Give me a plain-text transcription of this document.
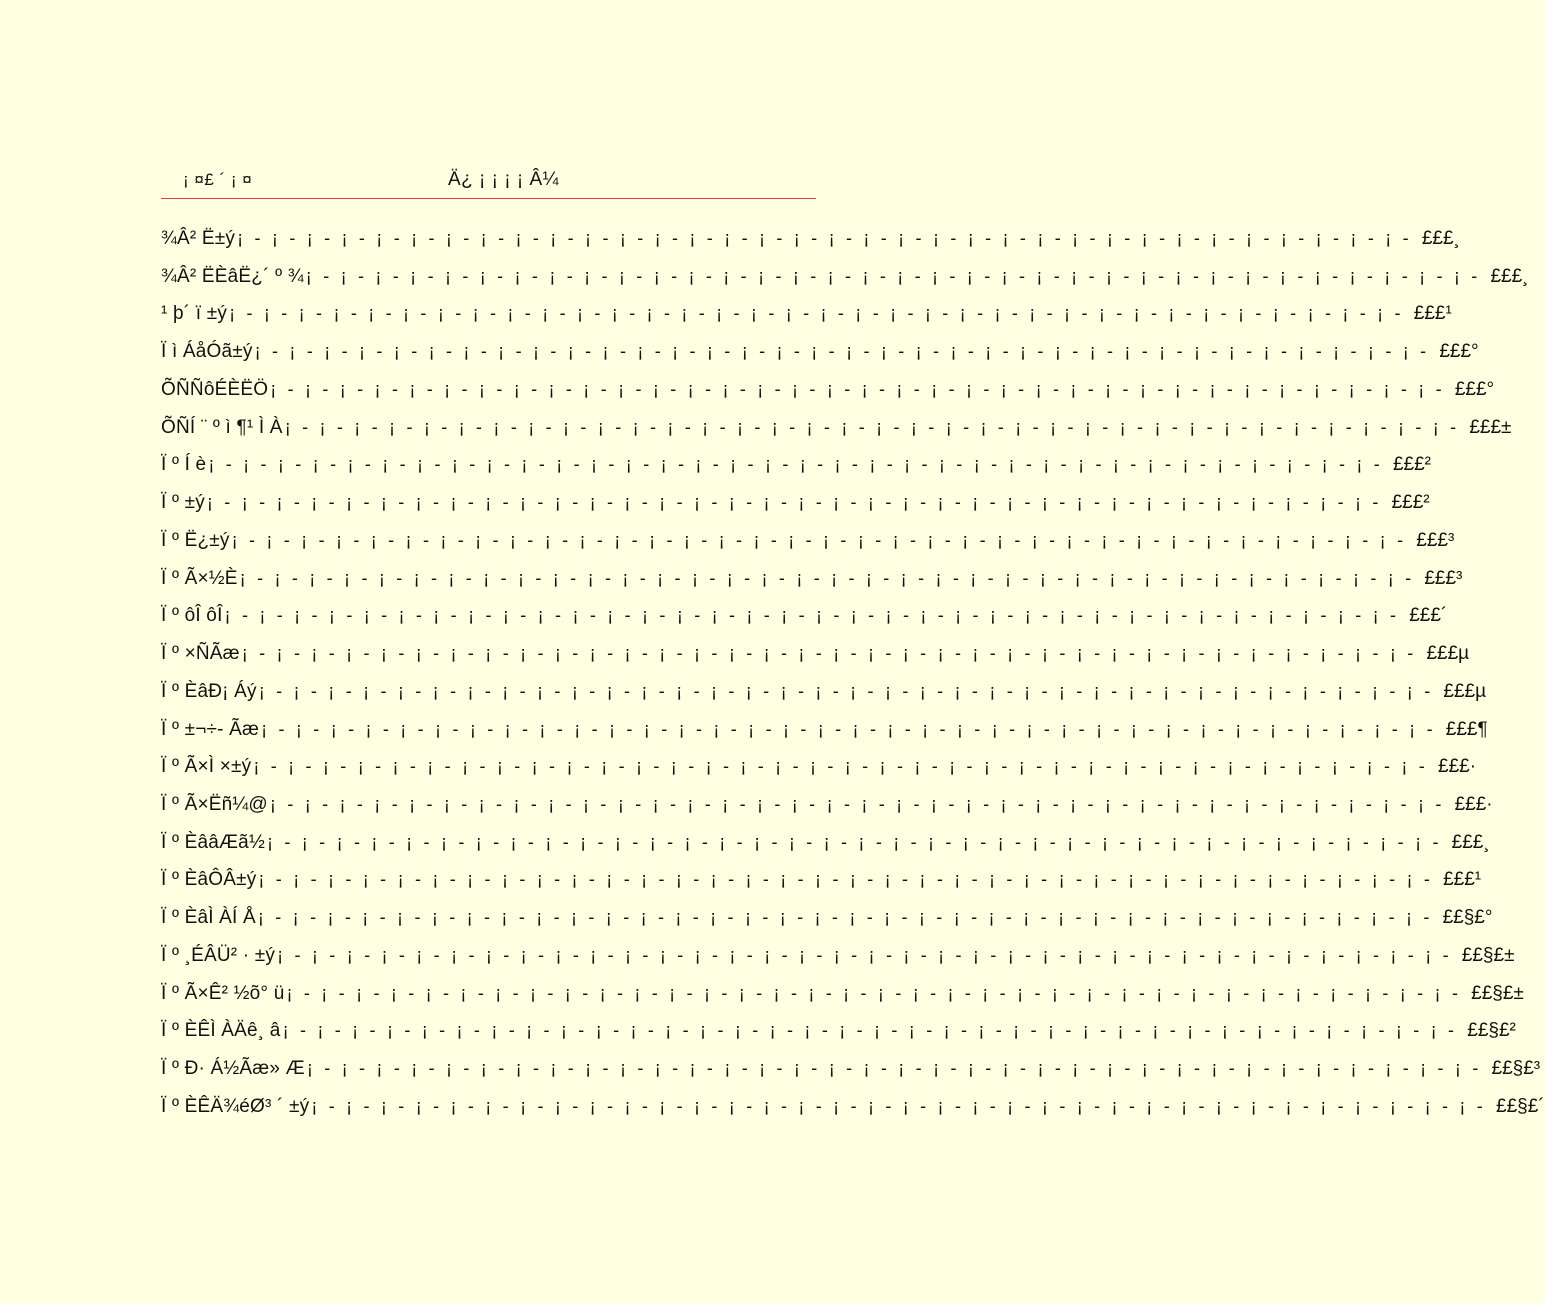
¡ ¤£ ´ ¡ ¤	Ä¿ ¡ ¡ ¡ ¡ Â¼
¾Â² Ë±ý ¡ - ¡ - ¡ - ¡ - ¡ - ¡ - ¡ - ¡ - ¡ - ¡ - ¡ - ¡ - ¡ - ¡ - ¡ - ¡ - ¡ - ¡ - ¡ - ¡ - ¡ - ¡ - ¡ - ¡ - ¡ - ¡ - ¡ - ¡ - ¡ - ¡ - ¡ - ¡ - ¡ - ¡ - £££¸
¾Â² ËÈâË¿´ º ¾ ¡ - ¡ - ¡ - ¡ - ¡ - ¡ - ¡ - ¡ - ¡ - ¡ - ¡ - ¡ - ¡ - ¡ - ¡ - ¡ - ¡ - ¡ - ¡ - ¡ - ¡ - ¡ - ¡ - ¡ - ¡ - ¡ - ¡ - ¡ - ¡ - ¡ - ¡ - ¡ - ¡ - ¡ - £££¸
¹ þ´ ï ±ý ¡ - ¡ - ¡ - ¡ - ¡ - ¡ - ¡ - ¡ - ¡ - ¡ - ¡ - ¡ - ¡ - ¡ - ¡ - ¡ - ¡ - ¡ - ¡ - ¡ - ¡ - ¡ - ¡ - ¡ - ¡ - ¡ - ¡ - ¡ - ¡ - ¡ - ¡ - ¡ - ¡ - ¡ - £££¹
Ï ì ÁåÓã±ý ¡ - ¡ - ¡ - ¡ - ¡ - ¡ - ¡ - ¡ - ¡ - ¡ - ¡ - ¡ - ¡ - ¡ - ¡ - ¡ - ¡ - ¡ - ¡ - ¡ - ¡ - ¡ - ¡ - ¡ - ¡ - ¡ - ¡ - ¡ - ¡ - ¡ - ¡ - ¡ - ¡ - ¡ - £££°
ÕÑÑôÉÈËÖ ¡ - ¡ - ¡ - ¡ - ¡ - ¡ - ¡ - ¡ - ¡ - ¡ - ¡ - ¡ - ¡ - ¡ - ¡ - ¡ - ¡ - ¡ - ¡ - ¡ - ¡ - ¡ - ¡ - ¡ - ¡ - ¡ - ¡ - ¡ - ¡ - ¡ - ¡ - ¡ - ¡ - ¡ - £££°
ÕÑÍ ¨ º ì ¶¹ Ì À ¡ - ¡ - ¡ - ¡ - ¡ - ¡ - ¡ - ¡ - ¡ - ¡ - ¡ - ¡ - ¡ - ¡ - ¡ - ¡ - ¡ - ¡ - ¡ - ¡ - ¡ - ¡ - ¡ - ¡ - ¡ - ¡ - ¡ - ¡ - ¡ - ¡ - ¡ - ¡ - ¡ - ¡ - £££±
Ï º Í è ¡ - ¡ - ¡ - ¡ - ¡ - ¡ - ¡ - ¡ - ¡ - ¡ - ¡ - ¡ - ¡ - ¡ - ¡ - ¡ - ¡ - ¡ - ¡ - ¡ - ¡ - ¡ - ¡ - ¡ - ¡ - ¡ - ¡ - ¡ - ¡ - ¡ - ¡ - ¡ - ¡ - ¡ - £££²
Ï º ±ý ¡ - ¡ - ¡ - ¡ - ¡ - ¡ - ¡ - ¡ - ¡ - ¡ - ¡ - ¡ - ¡ - ¡ - ¡ - ¡ - ¡ - ¡ - ¡ - ¡ - ¡ - ¡ - ¡ - ¡ - ¡ - ¡ - ¡ - ¡ - ¡ - ¡ - ¡ - ¡ - ¡ - ¡ - £££²
Ï º Ë¿±ý ¡ - ¡ - ¡ - ¡ - ¡ - ¡ - ¡ - ¡ - ¡ - ¡ - ¡ - ¡ - ¡ - ¡ - ¡ - ¡ - ¡ - ¡ - ¡ - ¡ - ¡ - ¡ - ¡ - ¡ - ¡ - ¡ - ¡ - ¡ - ¡ - ¡ - ¡ - ¡ - ¡ - ¡ - £££³
Ï º Ã×½È ¡ - ¡ - ¡ - ¡ - ¡ - ¡ - ¡ - ¡ - ¡ - ¡ - ¡ - ¡ - ¡ - ¡ - ¡ - ¡ - ¡ - ¡ - ¡ - ¡ - ¡ - ¡ - ¡ - ¡ - ¡ - ¡ - ¡ - ¡ - ¡ - ¡ - ¡ - ¡ - ¡ - ¡ - £££³
Ï º ôÎ ôÎ ¡ - ¡ - ¡ - ¡ - ¡ - ¡ - ¡ - ¡ - ¡ - ¡ - ¡ - ¡ - ¡ - ¡ - ¡ - ¡ - ¡ - ¡ - ¡ - ¡ - ¡ - ¡ - ¡ - ¡ - ¡ - ¡ - ¡ - ¡ - ¡ - ¡ - ¡ - ¡ - ¡ - ¡ - £££´
Ï º ×ÑÃæ ¡ - ¡ - ¡ - ¡ - ¡ - ¡ - ¡ - ¡ - ¡ - ¡ - ¡ - ¡ - ¡ - ¡ - ¡ - ¡ - ¡ - ¡ - ¡ - ¡ - ¡ - ¡ - ¡ - ¡ - ¡ - ¡ - ¡ - ¡ - ¡ - ¡ - ¡ - ¡ - ¡ - ¡ - £££µ
Ï º ÈâÐ¡ Áý ¡ - ¡ - ¡ - ¡ - ¡ - ¡ - ¡ - ¡ - ¡ - ¡ - ¡ - ¡ - ¡ - ¡ - ¡ - ¡ - ¡ - ¡ - ¡ - ¡ - ¡ - ¡ - ¡ - ¡ - ¡ - ¡ - ¡ - ¡ - ¡ - ¡ - ¡ - ¡ - ¡ - ¡ - £££µ
Ï º ±¬÷- Ãæ ¡ - ¡ - ¡ - ¡ - ¡ - ¡ - ¡ - ¡ - ¡ - ¡ - ¡ - ¡ - ¡ - ¡ - ¡ - ¡ - ¡ - ¡ - ¡ - ¡ - ¡ - ¡ - ¡ - ¡ - ¡ - ¡ - ¡ - ¡ - ¡ - ¡ - ¡ - ¡ - ¡ - ¡ - £££¶
Ï º Ã×Ì ×±ý ¡ - ¡ - ¡ - ¡ - ¡ - ¡ - ¡ - ¡ - ¡ - ¡ - ¡ - ¡ - ¡ - ¡ - ¡ - ¡ - ¡ - ¡ - ¡ - ¡ - ¡ - ¡ - ¡ - ¡ - ¡ - ¡ - ¡ - ¡ - ¡ - ¡ - ¡ - ¡ - ¡ - ¡ - £££·
Ï º Ã×Ëñ¼@ ¡ - ¡ - ¡ - ¡ - ¡ - ¡ - ¡ - ¡ - ¡ - ¡ - ¡ - ¡ - ¡ - ¡ - ¡ - ¡ - ¡ - ¡ - ¡ - ¡ - ¡ - ¡ - ¡ - ¡ - ¡ - ¡ - ¡ - ¡ - ¡ - ¡ - ¡ - ¡ - ¡ - ¡ - £££·
Ï º ÈââÆã½ ¡ - ¡ - ¡ - ¡ - ¡ - ¡ - ¡ - ¡ - ¡ - ¡ - ¡ - ¡ - ¡ - ¡ - ¡ - ¡ - ¡ - ¡ - ¡ - ¡ - ¡ - ¡ - ¡ - ¡ - ¡ - ¡ - ¡ - ¡ - ¡ - ¡ - ¡ - ¡ - ¡ - ¡ - £££¸
Ï º ÈâÔÂ±ý ¡ - ¡ - ¡ - ¡ - ¡ - ¡ - ¡ - ¡ - ¡ - ¡ - ¡ - ¡ - ¡ - ¡ - ¡ - ¡ - ¡ - ¡ - ¡ - ¡ - ¡ - ¡ - ¡ - ¡ - ¡ - ¡ - ¡ - ¡ - ¡ - ¡ - ¡ - ¡ - ¡ - ¡ - £££¹
Ï º ÈâÌ ÀÍ Å ¡ - ¡ - ¡ - ¡ - ¡ - ¡ - ¡ - ¡ - ¡ - ¡ - ¡ - ¡ - ¡ - ¡ - ¡ - ¡ - ¡ - ¡ - ¡ - ¡ - ¡ - ¡ - ¡ - ¡ - ¡ - ¡ - ¡ - ¡ - ¡ - ¡ - ¡ - ¡ - ¡ - ¡ - ££§£°
Ï º ¸ÉÂÜ² · ±ý ¡ - ¡ - ¡ - ¡ - ¡ - ¡ - ¡ - ¡ - ¡ - ¡ - ¡ - ¡ - ¡ - ¡ - ¡ - ¡ - ¡ - ¡ - ¡ - ¡ - ¡ - ¡ - ¡ - ¡ - ¡ - ¡ - ¡ - ¡ - ¡ - ¡ - ¡ - ¡ - ¡ - ¡ - ££§£±
Ï º Ã×Ê² ½õ° ü ¡ - ¡ - ¡ - ¡ - ¡ - ¡ - ¡ - ¡ - ¡ - ¡ - ¡ - ¡ - ¡ - ¡ - ¡ - ¡ - ¡ - ¡ - ¡ - ¡ - ¡ - ¡ - ¡ - ¡ - ¡ - ¡ - ¡ - ¡ - ¡ - ¡ - ¡ - ¡ - ¡ - ¡ - ££§£±
Ï º ÈÊÌ ÀÄê¸ â ¡ - ¡ - ¡ - ¡ - ¡ - ¡ - ¡ - ¡ - ¡ - ¡ - ¡ - ¡ - ¡ - ¡ - ¡ - ¡ - ¡ - ¡ - ¡ - ¡ - ¡ - ¡ - ¡ - ¡ - ¡ - ¡ - ¡ - ¡ - ¡ - ¡ - ¡ - ¡ - ¡ - ¡ - ££§£²
Ï º Ð· Á½Ãæ» Æ ¡ - ¡ - ¡ - ¡ - ¡ - ¡ - ¡ - ¡ - ¡ - ¡ - ¡ - ¡ - ¡ - ¡ - ¡ - ¡ - ¡ - ¡ - ¡ - ¡ - ¡ - ¡ - ¡ - ¡ - ¡ - ¡ - ¡ - ¡ - ¡ - ¡ - ¡ - ¡ - ¡ - ¡ - ££§£³
Ï º ÈÊÄ¾éØ³ ´ ±ý ¡ - ¡ - ¡ - ¡ - ¡ - ¡ - ¡ - ¡ - ¡ - ¡ - ¡ - ¡ - ¡ - ¡ - ¡ - ¡ - ¡ - ¡ - ¡ - ¡ - ¡ - ¡ - ¡ - ¡ - ¡ - ¡ - ¡ - ¡ - ¡ - ¡ - ¡ - ¡ - ¡ - ¡ - ££§£´
